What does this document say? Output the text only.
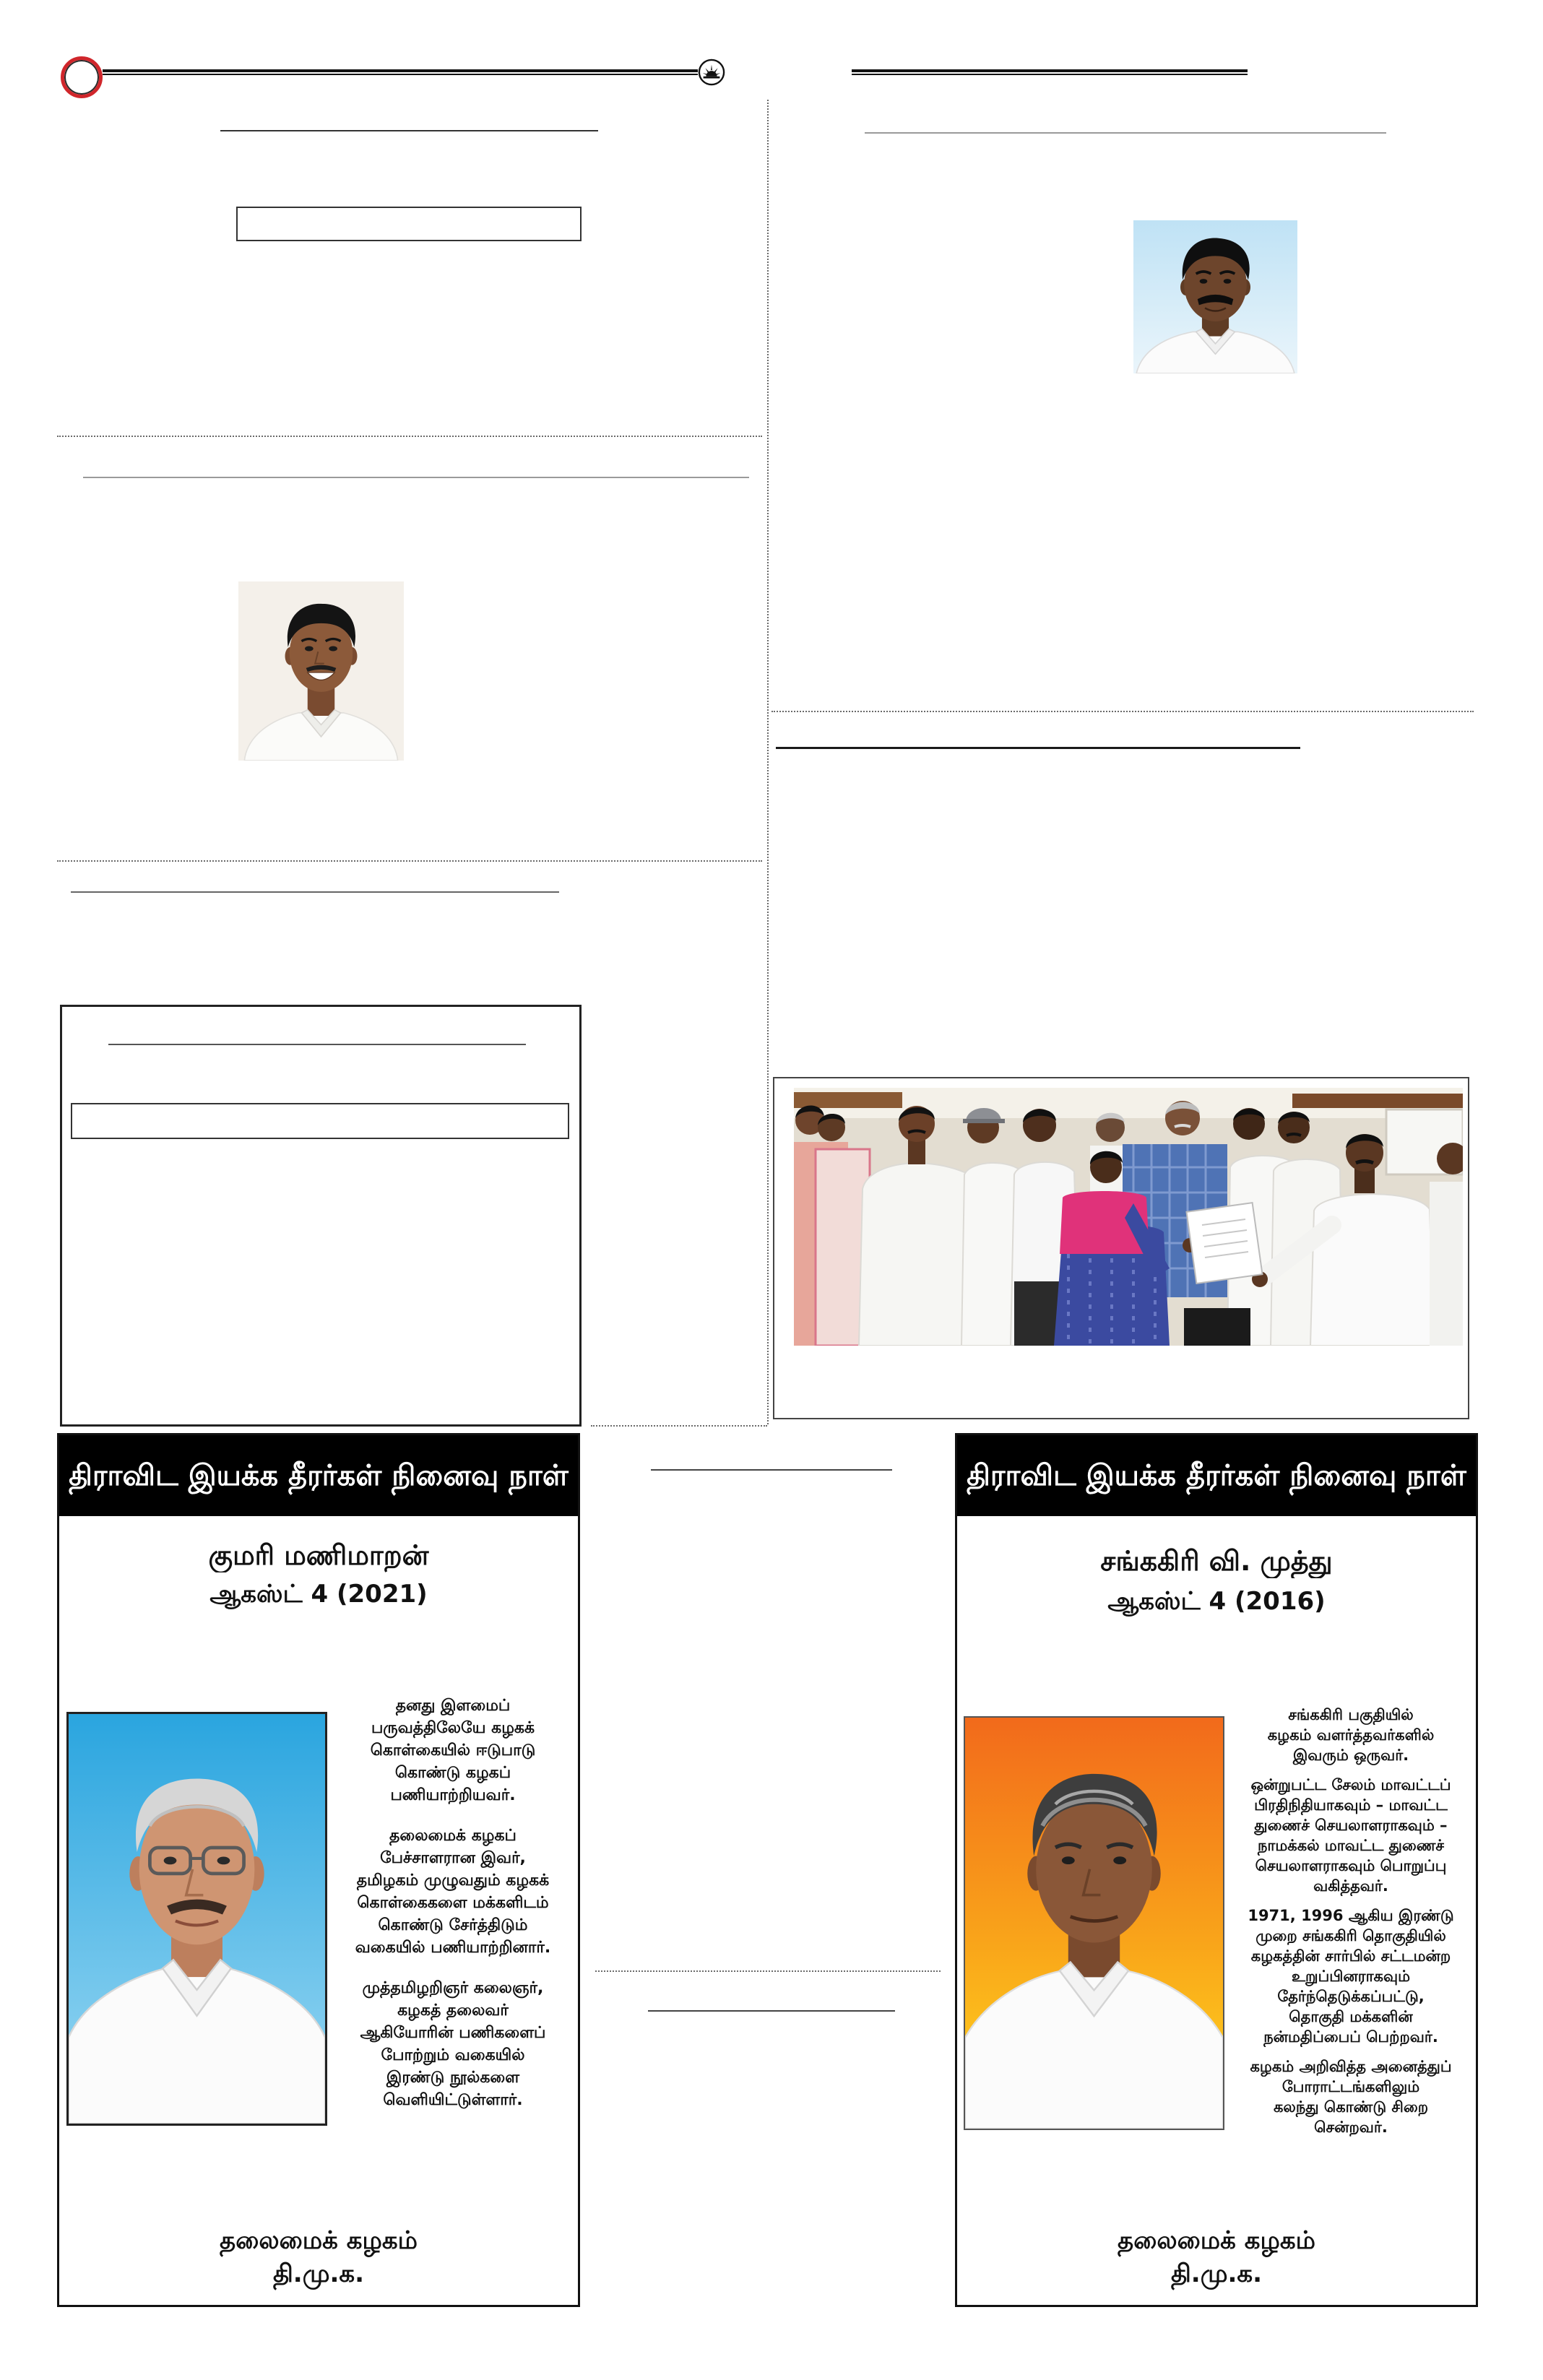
திராவிட இயக்க தீரர்கள் நினைவு நாள்
குமரி மணிமாறன்
ஆகஸ்ட் 4 (2021)
தனது இளமைப்
பருவத்திலேயே கழகக்
கொள்கையில் ஈடுபாடு
கொண்டு கழகப்
பணியாற்றியவர்.
தலைமைக் கழகப்
பேச்சாளரான இவர்,
தமிழகம் முழுவதும் கழகக்
கொள்கைகளை மக்களிடம்
கொண்டு சேர்த்திடும்
வகையில் பணியாற்றினார்.
முத்தமிழறிஞர் கலைஞர்,
கழகத் தலைவர்
ஆகியோரின் பணிகளைப்
போற்றும் வகையில்
இரண்டு நூல்களை
வெளியிட்டுள்ளார்.
தலைமைக் கழகம்
தி.மு.க.
திராவிட இயக்க தீரர்கள் நினைவு நாள்
சங்ககிரி வி. முத்து
ஆகஸ்ட் 4 (2016)
சங்ககிரி பகுதியில்
கழகம் வளர்த்தவர்களில்
இவரும் ஒருவர்.
ஒன்றுபட்ட சேலம் மாவட்டப்
பிரதிநிதியாகவும் – மாவட்ட
துணைச் செயலாளராகவும் –
நாமக்கல் மாவட்ட துணைச்
செயலாளராகவும் பொறுப்பு
வகித்தவர்.
1971, 1996 ஆகிய இரண்டு
முறை சங்ககிரி தொகுதியில்
கழகத்தின் சார்பில் சட்டமன்ற
உறுப்பினராகவும்
தேர்ந்தெடுக்கப்பட்டு,
தொகுதி மக்களின்
நன்மதிப்பைப் பெற்றவர்.
கழகம் அறிவித்த அனைத்துப்
போராட்டங்களிலும்
கலந்து கொண்டு சிறை
சென்றவர்.
தலைமைக் கழகம்
தி.மு.க.
